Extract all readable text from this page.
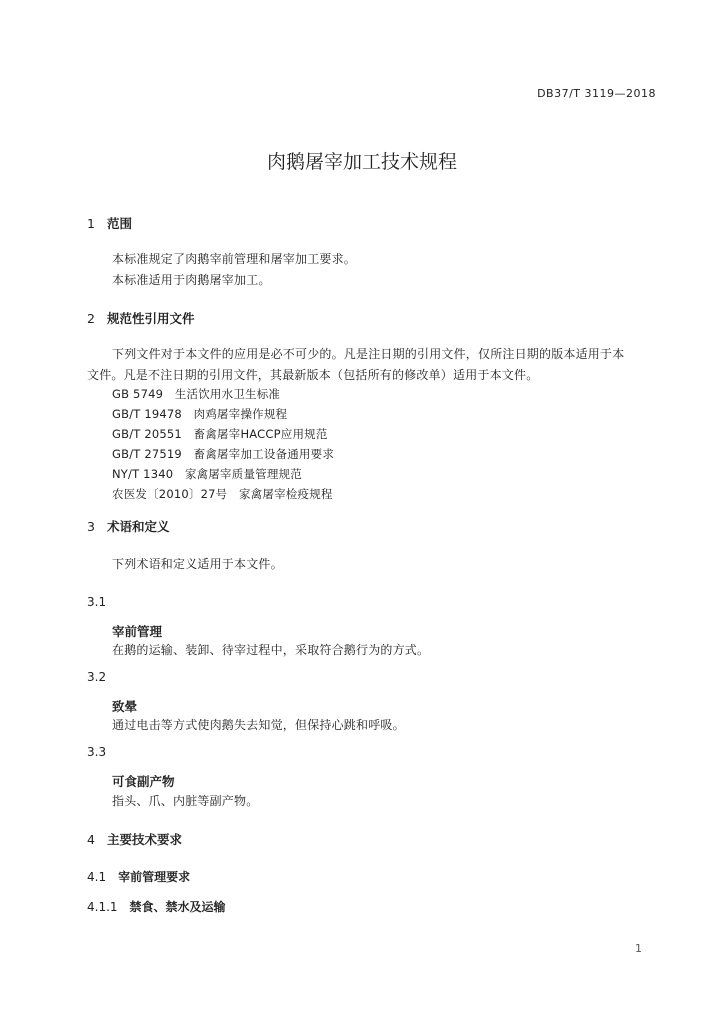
DB37/T 3119—2018
肉鹅屠宰加工技术规程
1 范围
本标准规定了肉鹅宰前管理和屠宰加工要求。
本标准适用于肉鹅屠宰加工。
2 规范性引用文件
下列文件对于本文件的应用是必不可少的。凡是注日期的引用文件，仅所注日期的版本适用于本
文件。凡是不注日期的引用文件，其最新版本（包括所有的修改单）适用于本文件。
GB 5749　生活饮用水卫生标准
GB/T 19478　肉鸡屠宰操作规程
GB/T 20551　畜禽屠宰HACCP应用规范
GB/T 27519　畜禽屠宰加工设备通用要求
NY/T 1340　家禽屠宰质量管理规范
农医发〔2010〕27号　家禽屠宰检疫规程
3 术语和定义
下列术语和定义适用于本文件。
3.1
宰前管理
在鹅的运输、装卸、待宰过程中，采取符合鹅行为的方式。
3.2
致晕
通过电击等方式使肉鹅失去知觉，但保持心跳和呼吸。
3.3
可食副产物
指头、爪、内脏等副产物。
4 主要技术要求
4.1 宰前管理要求
4.1.1 禁食、禁水及运输
1
